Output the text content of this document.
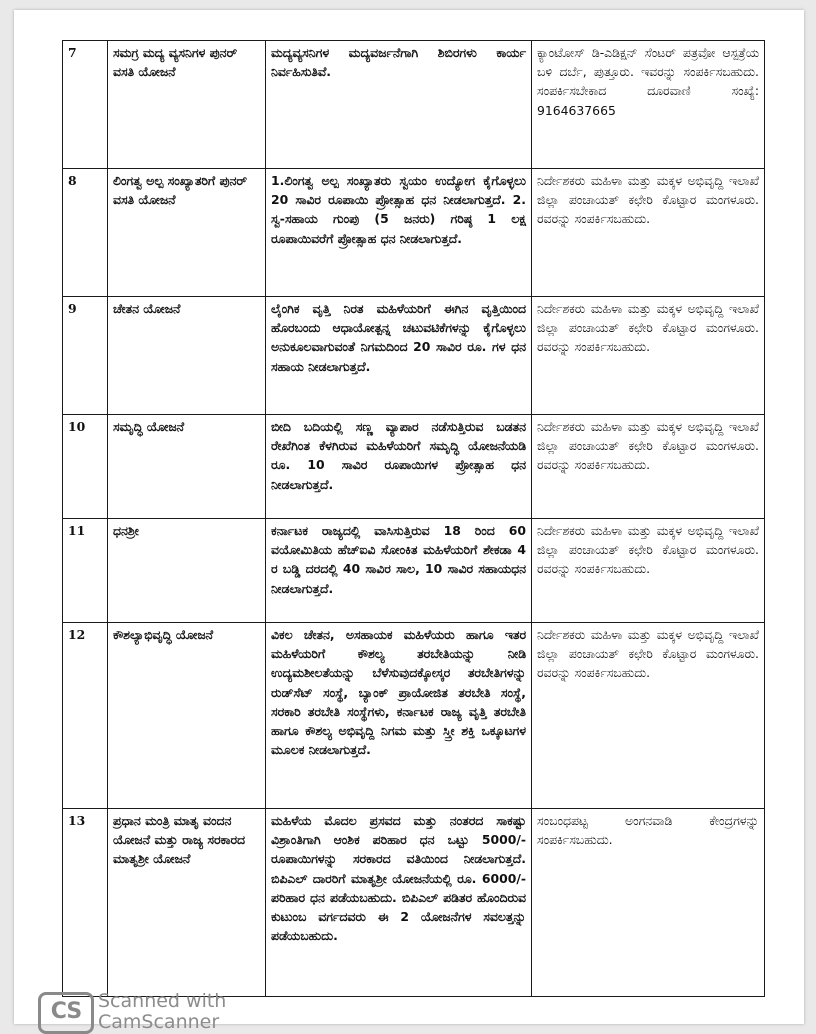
7	ಸಮಗ್ರ ಮದ್ಯ ವ್ಯಸನಿಗಳ ಪುನರ್ ವಸತಿ ಯೋಜನೆ	ಮದ್ಯವ್ಯಸನಿಗಳ ಮದ್ಯವರ್ಜನೆಗಾಗಿ ಶಿಬಿರಗಳು ಕಾರ್ಯ ನಿರ್ವಹಿಸುತಿವೆ.	ಕ್ಯಾಂಟೋಸ್ ಡಿ-ಎಡಿಕ್ಷನ್ ಸೆಂಟರ್ ಪತ್ರವೋ ಆಸ್ಪತ್ರೆಯ ಬಳಿ ದರ್ಬೆ, ಪುತ್ತೂರು. ಇವರನ್ನು ಸಂಪರ್ಕಿಸಬಹುದು. ಸಂಪರ್ಕಿಸಬೇಕಾದ ದೂರವಾಣಿ ಸಂಖ್ಯೆ: 9164637665
8	ಲಿಂಗತ್ವ ಅಲ್ಪ ಸಂಖ್ಯಾತರಿಗೆ ಪುನರ್ ವಸತಿ ಯೋಜನೆ	1.ಲಿಂಗತ್ವ ಅಲ್ಪ ಸಂಖ್ಯಾತರು ಸ್ವಯಂ ಉದ್ಯೋಗ ಕೈಗೊಳ್ಳಲು 20 ಸಾವಿರ ರೂಪಾಯಿ ಪ್ರೋತ್ಸಾಹ ಧನ ನೀಡಲಾಗುತ್ತದೆ. 2. ಸ್ವ-ಸಹಾಯ ಗುಂಪು (5 ಜನರು) ಗರಿಷ್ಠ 1 ಲಕ್ಷ ರೂಪಾಯಿವರೆಗೆ ಪ್ರೋತ್ಸಾಹ ಧನ ನೀಡಲಾಗುತ್ತದೆ.	ನಿರ್ದೇಶಕರು ಮಹಿಳಾ ಮತ್ತು ಮಕ್ಕಳ ಅಭಿವೃದ್ದಿ ಇಲಾಖೆ ಜಿಲ್ಲಾ ಪಂಚಾಯತ್ ಕಛೇರಿ ಕೊಟ್ಟಾರ ಮಂಗಳೂರು. ರವರನ್ನು ಸಂಪರ್ಕಿಸಬಹುದು.
9	ಚೇತನ ಯೋಜನೆ	ಲೈಂಗಿಕ ವೃತ್ತಿ ನಿರತ ಮಹಿಳೆಯರಿಗೆ ಈಗಿನ ವೃತ್ತಿಯಿಂದ ಹೊರಬಂದು ಆಧಾಯೋತ್ಪನ್ನ ಚಟುವಟಿಕೆಗಳನ್ನು ಕೈಗೊಳ್ಳಲು ಅನುಕೂಲವಾಗುವಂತೆ ನಿಗಮದಿಂದ 20 ಸಾವಿರ ರೂ. ಗಳ ಧನ ಸಹಾಯ ನೀಡಲಾಗುತ್ತದೆ.	ನಿರ್ದೇಶಕರು ಮಹಿಳಾ ಮತ್ತು ಮಕ್ಕಳ ಅಭಿವೃದ್ದಿ ಇಲಾಖೆ ಜಿಲ್ಲಾ ಪಂಚಾಯತ್ ಕಛೇರಿ ಕೊಟ್ಟಾರ ಮಂಗಳೂರು. ರವರನ್ನು ಸಂಪರ್ಕಿಸಬಹುದು.
10	ಸಮೃದ್ಧಿ ಯೋಜನೆ	ಬೀದಿ ಬದಿಯಲ್ಲಿ ಸಣ್ಣ ವ್ಯಾಪಾರ ನಡೆಸುತ್ತಿರುವ ಬಡತನ ರೇಖೆಗಿಂತ ಕೆಳಗಿರುವ ಮಹಿಳೆಯರಿಗೆ ಸಮೃದ್ಧಿ ಯೋಜನೆಯಡಿ ರೂ. 10 ಸಾವಿರ ರೂಪಾಯಿಗಳ ಪ್ರೋತ್ಸಾಹ ಧನ ನೀಡಲಾಗುತ್ತದೆ.	ನಿರ್ದೇಶಕರು ಮಹಿಳಾ ಮತ್ತು ಮಕ್ಕಳ ಅಭಿವೃದ್ದಿ ಇಲಾಖೆ ಜಿಲ್ಲಾ ಪಂಚಾಯತ್ ಕಛೇರಿ ಕೊಟ್ಟಾರ ಮಂಗಳೂರು. ರವರನ್ನು ಸಂಪರ್ಕಿಸಬಹುದು.
11	ಧನಶ್ರೀ	ಕರ್ನಾಟಕ ರಾಜ್ಯದಲ್ಲಿ ವಾಸಿಸುತ್ತಿರುವ 18 ರಿಂದ 60 ವಯೋಮಿತಿಯ ಹೆಚ್‌ಐವಿ ಸೋಂಕಿತ ಮಹಿಳೆಯರಿಗೆ ಶೇಕಡಾ 4 ರ ಬಡ್ಡಿ ದರದಲ್ಲಿ 40 ಸಾವಿರ ಸಾಲ, 10 ಸಾವಿರ ಸಹಾಯಧನ ನೀಡಲಾಗುತ್ತದೆ.	ನಿರ್ದೇಶಕರು ಮಹಿಳಾ ಮತ್ತು ಮಕ್ಕಳ ಅಭಿವೃದ್ದಿ ಇಲಾಖೆ ಜಿಲ್ಲಾ ಪಂಚಾಯತ್ ಕಛೇರಿ ಕೊಟ್ಟಾರ ಮಂಗಳೂರು. ರವರನ್ನು ಸಂಪರ್ಕಿಸಬಹುದು.
12	ಕೌಶಲ್ಯಾಭಿವೃದ್ಧಿ ಯೋಜನೆ	ವಿಕಲ ಚೇತನ, ಅಸಹಾಯಕ ಮಹಿಳೆಯರು ಹಾಗೂ ಇತರ ಮಹಿಳೆಯರಿಗೆ ಕೌಶಲ್ಯ ತರಬೇತಿಯನ್ನು ನೀಡಿ ಉದ್ಯಮಶೀಲತೆಯನ್ನು ಬೆಳೆಸುವುದಕ್ಕೋಸ್ಕರ ತರಬೇತಿಗಳನ್ನು ರುಡ್‌ಸೆಟ್ ಸಂಸ್ಥೆ, ಬ್ಯಾಂಕ್ ಪ್ರಾಯೋಜಿತ ತರಬೇತಿ ಸಂಸ್ಥೆ, ಸರಕಾರಿ ತರಬೇತಿ ಸಂಸ್ಥೆಗಳು, ಕರ್ನಾಟಕ ರಾಜ್ಯ ವೃತ್ತಿ ತರಬೇತಿ ಹಾಗೂ ಕೌಶಲ್ಯ ಅಭಿವೃದ್ದಿ ನಿಗಮ ಮತ್ತು ಸ್ತ್ರೀ ಶಕ್ತಿ ಒಕ್ಕೂಟಗಳ ಮೂಲಕ ನೀಡಲಾಗುತ್ತದೆ.	ನಿರ್ದೇಶಕರು ಮಹಿಳಾ ಮತ್ತು ಮಕ್ಕಳ ಅಭಿವೃದ್ದಿ ಇಲಾಖೆ ಜಿಲ್ಲಾ ಪಂಚಾಯತ್ ಕಛೇರಿ ಕೊಟ್ಟಾರ ಮಂಗಳೂರು. ರವರನ್ನು ಸಂಪರ್ಕಿಸಬಹುದು.
13	ಪ್ರಧಾನ ಮಂತ್ರಿ ಮಾತೃ ವಂದನ ಯೋಜನೆ ಮತ್ತು ರಾಜ್ಯ ಸರಕಾರದ ಮಾತೃಶ್ರೀ ಯೋಜನೆ	ಮಹಿಳೆಯ ಮೊದಲ ಪ್ರಸವದ ಮತ್ತು ನಂತರದ ಸಾಕಷ್ಟು ವಿಶ್ರಾಂತಿಗಾಗಿ ಆಂಶಿಕ ಪರಿಹಾರ ಧನ ಒಟ್ಟು 5000/- ರೂಪಾಯಿಗಳನ್ನು ಸರಕಾರದ ವತಿಯಿಂದ ನೀಡಲಾಗುತ್ತದೆ. ಬಿಪಿಎಲ್ ದಾರರಿಗೆ ಮಾತೃಶ್ರೀ ಯೋಜನೆಯಲ್ಲಿ ರೂ. 6000/- ಪರಿಹಾರ ಧನ ಪಡೆಯಬಹುದು. ಬಿಪಿಎಲ್ ಪಡಿತರ ಹೊಂದಿರುವ ಕುಟುಂಬ ವರ್ಗದವರು ಈ 2 ಯೋಜನೆಗಳ ಸವಲತ್ತನ್ನು ಪಡೆಯಬಹುದು.	ಸಂಬಂಧಪಟ್ಟ ಅಂಗನವಾಡಿ ಕೇಂದ್ರಗಳನ್ನು ಸಂಪರ್ಕಿಸಬಹುದು.
CS Scanned with
CamScanner
